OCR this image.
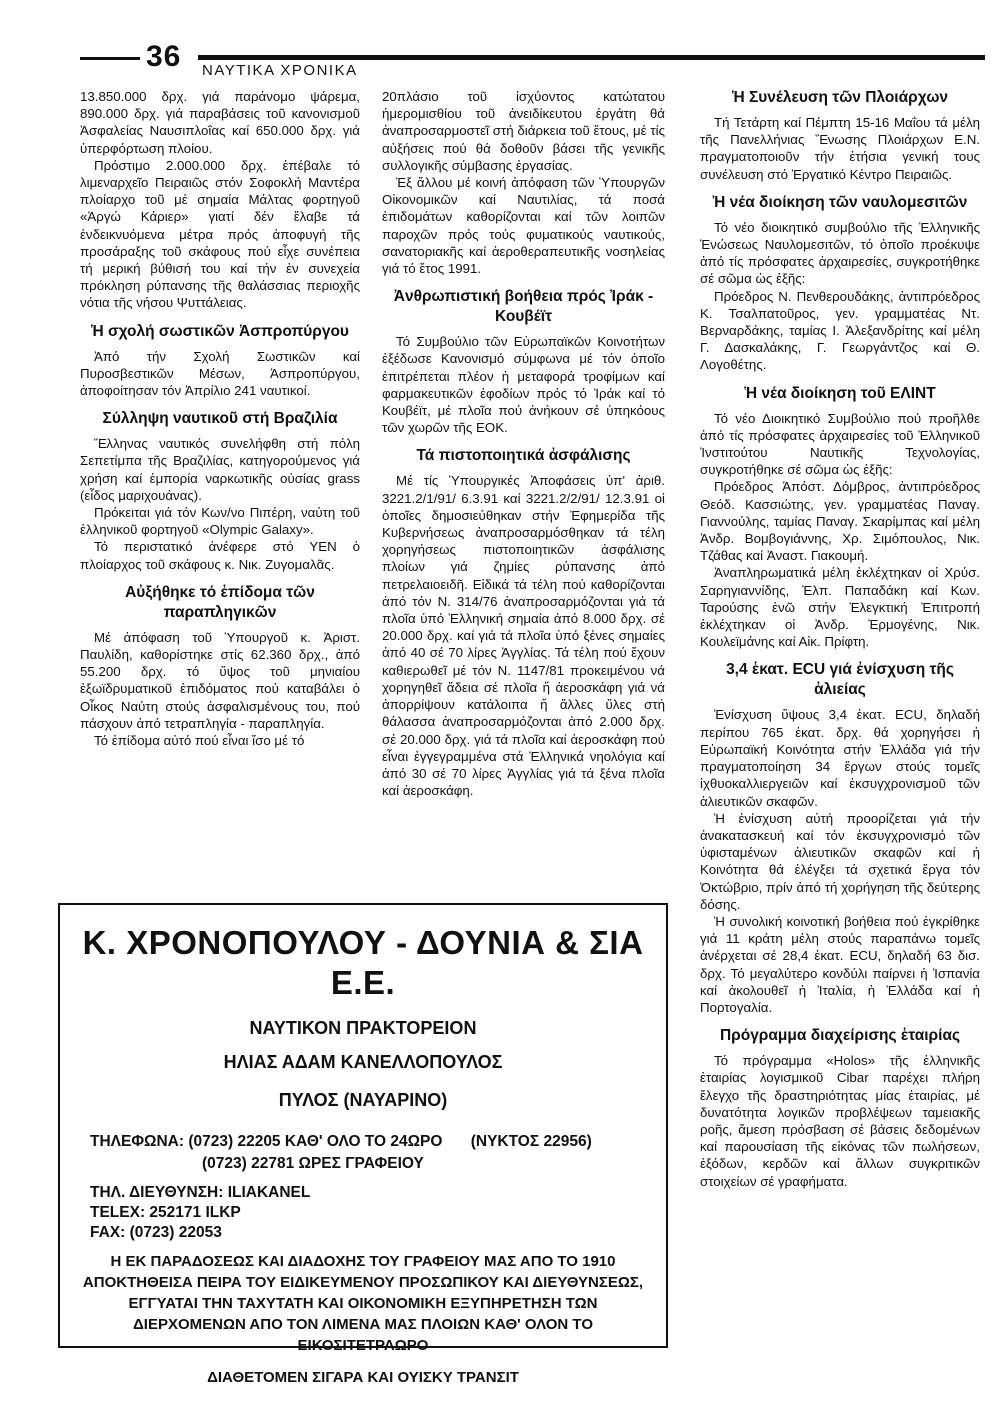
36 ΝΑΥΤΙΚΑ ΧΡΟΝΙΚΑ

13.850.000 δρχ. γιά παράνομο ψάρεμα, 890.000 δρχ. γιά παραβάσεις τοῦ κανονισμοῦ Ἀσφαλείας Ναυσιπλοΐας καί 650.000 δρχ. γιά ὑπερφόρτωση πλοίου.

Πρόστιμο 2.000.000 δρχ. ἐπέβαλε τό λιμεναρχεῖο Πειραιῶς στόν Σοφοκλή Μαντέρα πλοίαρχο τοῦ μέ σημαία Μάλτας φορτηγοῦ «Ἀργώ Κάριερ» γιατί δέν ἔλαβε τά ἐνδεικνυόμενα μέτρα πρός ἀποφυγή τῆς προσάραξης τοῦ σκάφους πού εἶχε συνέπεια τή μερική βύθισή του καί τήν ἐν συνεχεία πρόκληση ρύπανσης τῆς θαλάσσιας περιοχῆς νότια τῆς νήσου Ψυττάλειας.

Ἡ σχολή σωστικῶν Ἀσπροπύργου

Ἀπό τήν Σχολή Σωστικῶν καί Πυροσβεστικῶν Μέσων, Ἀσπροπύργου, ἀποφοίτησαν τόν Ἀπρίλιο 241 ναυτικοί.

Σύλληψη ναυτικοῦ στή Βραζιλία

Ἕλληνας ναυτικός συνελήφθη στή πόλη Σεπετίμπα τῆς Βραζιλίας, κατηγορούμενος γιά χρήση καί ἐμπορία ναρκωτικῆς οὐσίας grass (εἶδος μαριχουάνας).

Πρόκειται γιά τόν Κων/νο Πιπέρη, ναύτη τοῦ ἑλληνικοῦ φορτηγοῦ «Olympic Galaxy».

Τό περιστατικό ἀνέφερε στό ΥΕΝ ὁ πλοίαρχος τοῦ σκάφους κ. Νικ. Ζυγομαλᾶς.

Αὐξήθηκε τό ἐπίδομα τῶν παραπληγικῶν

Μέ ἀπόφαση τοῦ Ὑπουργοῦ κ. Ἀριστ. Παυλίδη, καθορίστηκε στίς 62.360 δρχ., ἀπό 55.200 δρχ. τό ὕψος τοῦ μηνιαίου ἐξωϊδρυματικοῦ ἐπιδόματος πού καταβάλει ὁ Οἶκος Ναύτη στούς ἀσφαλισμένους του, πού πάσχουν ἀπό τετραπληγία - παραπληγία.

Τό ἐπίδομα αὐτό πού εἶναι ἴσο μέ τό

20πλάσιο τοῦ ἰσχύοντος κατώτατου ἡμερομισθίου τοῦ ἀνειδίκευτου ἐργάτη θά ἀναπροσαρμοστεῖ στή διάρκεια τοῦ ἔτους, μέ τίς αὐξήσεις πού θά δοθοῦν βάσει τῆς γενικῆς συλλογικῆς σύμβασης ἐργασίας.

Ἐξ ἄλλου μέ κοινή ἀπόφαση τῶν Ὑπουργῶν Οἰκονομικῶν καί Ναυτιλίας, τά ποσά ἐπιδομάτων καθορίζονται καί τῶν λοιπῶν παροχῶν πρός τούς φυματικούς ναυτικούς, σανατοριακῆς καί ἀεροθεραπευτικῆς νοσηλείας γιά τό ἔτος 1991.

Ἀνθρωπιστική βοήθεια πρός Ἰράκ - Κουβέϊτ

Τό Συμβούλιο τῶν Εὐρωπαϊκῶν Κοινοτήτων ἐξέδωσε Κανονισμό σύμφωνα μέ τόν ὁποῖο ἐπιτρέπεται πλέον ἡ μεταφορά τροφίμων καί φαρμακευτικῶν ἐφοδίων πρός τό Ἰράκ καί τό Κουβέϊτ, μέ πλοῖα πού ἀνήκουν σέ ὑπηκόους τῶν χωρῶν τῆς ΕΟΚ.

Τά πιστοποιητικά ἀσφάλισης

Μέ τίς Ὑπουργικές Ἀποφάσεις ὑπ' ἀριθ. 3221.2/1/91/ 6.3.91 καί 3221.2/2/91/ 12.3.91 οἱ ὁποῖες δημοσιεύθηκαν στήν Ἐφημερίδα τῆς Κυβερνήσεως ἀναπροσαρμόσθηκαν τά τέλη χορηγήσεως πιστοποιητικῶν ἀσφάλισης πλοίων γιά ζημίες ρύπανσης ἀπό πετρελαιοειδῆ. Εἰδικά τά τέλη πού καθορίζονται ἀπό τόν Ν. 314/76 ἀναπροσαρμόζονται γιά τά πλοῖα ὑπό Ἑλληνική σημαία ἀπό 8.000 δρχ. σέ 20.000 δρχ. καί γιά τά πλοῖα ὑπό ξένες σημαίες ἀπό 40 σέ 70 λίρες Ἀγγλίας. Τά τέλη πού ἔχουν καθιερωθεῖ μέ τόν Ν. 1147/81 προκειμένου νά χορηγηθεῖ ἄδεια σέ πλοῖα ἤ ἀεροσκάφη γιά νά ἀπορρίψουν κατάλοιπα ἤ ἄλλες ὕλες στή θάλασσα ἀναπροσαρμόζονται ἀπό 2.000 δρχ. σέ 20.000 δρχ. γιά τά πλοῖα καί ἀεροσκάφη πού εἶναι ἐγγεγραμμένα στά Ἑλληνικά νηολόγια καί ἀπό 30 σέ 70 λίρες Ἀγγλίας γιά τά ξένα πλοῖα καί ἀεροσκάφη.

Ἡ Συνέλευση τῶν Πλοιάρχων

Τή Τετάρτη καί Πέμπτη 15-16 Μαΐου τά μέλη τῆς Πανελλήνιας Ἕνωσης Πλοιάρχων Ε.Ν. πραγματοποιοῦν τήν ἐτήσια γενική τους συνέλευση στό Ἐργατικό Κέντρο Πειραιῶς.

Ἡ νέα διοίκηση τῶν ναυλομεσιτῶν

Τό νέο διοικητικό συμβούλιο τῆς Ἑλληνικῆς Ἑνώσεως Ναυλομεσιτῶν, τό ὁποῖο προέκυψε ἀπό τίς πρόσφατες ἀρχαιρεσίες, συγκροτήθηκε σέ σῶμα ὡς ἑξῆς:

Πρόεδρος Ν. Πενθερουδάκης, ἀντιπρόεδρος Κ. Τσαλπατοῦρος, γεν. γραμματέας Ντ. Βερναρδάκης, ταμίας Ι. Ἀλεξανδρίτης καί μέλη Γ. Δασκαλάκης, Γ. Γεωργάντζος καί Θ. Λογοθέτης.

Ἡ νέα διοίκηση τοῦ ΕΛΙΝΤ

Τό νέο Διοικητικό Συμβούλιο πού προῆλθε ἀπό τίς πρόσφατες ἀρχαιρεσίες τοῦ Ἑλληνικοῦ Ἰνστιτούτου Ναυτικῆς Τεχνολογίας, συγκροτήθηκε σέ σῶμα ὡς ἑξῆς:

Πρόεδρος Ἀπόστ. Δόμβρος, ἀντιπρόεδρος Θεόδ. Κασσιώτης, γεν. γραμματέας Παναγ. Γιαννούλης, ταμίας Παναγ. Σκαρίμπας καί μέλη Ἀνδρ. Βομβογιάννης, Χρ. Σιμόπουλος, Νικ. Τζάθας καί Ἀναστ. Γιακουμή.

Ἀναπληρωματικά μέλη ἐκλέχτηκαν οἱ Χρύσ. Σαρηγιαννίδης, Ἐλπ. Παπαδάκη καί Κων. Ταρούσης ἐνῶ στήν Ἐλεγκτική Ἐπιτροπή ἐκλέχτηκαν οἱ Ἀνδρ. Ἐρμογένης, Νικ. Κουλεϊμάνης καί Αἰκ. Πρίφτη.

3,4 ἑκατ. ECU γιά ἐνίσχυση τῆς ἁλιείας

Ἐνίσχυση ὕψους 3,4 ἑκατ. ECU, δηλαδή περίπου 765 ἑκατ. δρχ. θά χορηγήσει ἡ Εὐρωπαϊκή Κοινότητα στήν Ἑλλάδα γιά τήν πραγματοποίηση 34 ἔργων στούς τομεῖς ἰχθυοκαλλιεργειῶν καί ἐκσυγχρονισμοῦ τῶν ἁλιευτικῶν σκαφῶν.

Ἡ ἐνίσχυση αὐτή προορίζεται γιά τήν ἀνακατασκευή καί τόν ἐκσυγχρονισμό τῶν ὑφισταμένων ἁλιευτικῶν σκαφῶν καί ἡ Κοινότητα θά ἐλέγξει τά σχετικά ἔργα τόν Ὀκτώβριο, πρίν ἀπό τή χορήγηση τῆς δεύτερης δόσης.

Ἡ συνολική κοινοτική βοήθεια πού ἐγκρίθηκε γιά 11 κράτη μέλη στούς παραπάνω τομεῖς ἀνέρχεται σέ 28,4 ἑκατ. ECU, δηλαδή 63 δισ. δρχ. Τό μεγαλύτερο κονδύλι παίρνει ἡ Ἰσπανία καί ἀκολουθεῖ ἡ Ἰταλία, ἡ Ἑλλάδα καί ἡ Πορτογαλία.

Πρόγραμμα διαχείρισης ἑταιρίας

Τό πρόγραμμα «Holos» τῆς ἑλληνικῆς ἑταιρίας λογισμικοῦ Cibar παρέχει πλήρη ἔλεγχο τῆς δραστηριότητας μίας ἑταιρίας, μέ δυνατότητα λογικῶν προβλέψεων ταμειακῆς ροῆς, ἄμεση πρόσβαση σέ βάσεις δεδομένων καί παρουσίαση τῆς εἰκόνας τῶν πωλήσεων, ἐξόδων, κερδῶν καί ἄλλων συγκριτικῶν στοιχείων σέ γραφήματα.

Κ. ΧΡΟΝΟΠΟΥΛΟΥ - ΔΟΥΝΙΑ & ΣΙΑ Ε.Ε.
ΝΑΥΤΙΚΟΝ ΠΡΑΚΤΟΡΕΙΟΝ
ΗΛΙΑΣ ΑΔΑΜ ΚΑΝΕΛΛΟΠΟΥΛΟΣ
ΠΥΛΟΣ (ΝΑΥΑΡΙΝΟ)
ΤΗΛΕΦΩΝΑ: (0723) 22205 ΚΑΘ' ΟΛΟ ΤΟ 24ΩΡΟ (ΝΥΚΤΟΣ 22956)
(0723) 22781 ΩΡΕΣ ΓΡΑΦΕΙΟΥ
ΤΗΛ. ΔΙΕΥΘΥΝΣΗ: ILIAKANEL
TELEX: 252171 ILKP
FAX: (0723) 22053
Η ΕΚ ΠΑΡΑΔΟΣΕΩΣ ΚΑΙ ΔΙΑΔΟΧΗΣ ΤΟΥ ΓΡΑΦΕΙΟΥ ΜΑΣ ΑΠΟ ΤΟ 1910 ΑΠΟΚΤΗΘΕΙΣΑ ΠΕΙΡΑ ΤΟΥ ΕΙΔΙΚΕΥΜΕΝΟΥ ΠΡΟΣΩΠΙΚΟΥ ΚΑΙ ΔΙΕΥΘΥΝΣΕΩΣ, ΕΓΓΥΑΤΑΙ ΤΗΝ ΤΑΧΥΤΑΤΗ ΚΑΙ ΟΙΚΟΝΟΜΙΚΗ ΕΞΥΠΗΡΕΤΗΣΗ ΤΩΝ ΔΙΕΡΧΟΜΕΝΩΝ ΑΠΟ ΤΟΝ ΛΙΜΕΝΑ ΜΑΣ ΠΛΟΙΩΝ ΚΑΘ' ΟΛΟΝ ΤΟ ΕΙΚΟΣΙΤΕΤΡΑΩΡΟ
ΔΙΑΘΕΤΟΜΕΝ ΣΙΓΑΡΑ ΚΑΙ ΟΥΙΣΚΥ ΤΡΑΝΣΙΤ
